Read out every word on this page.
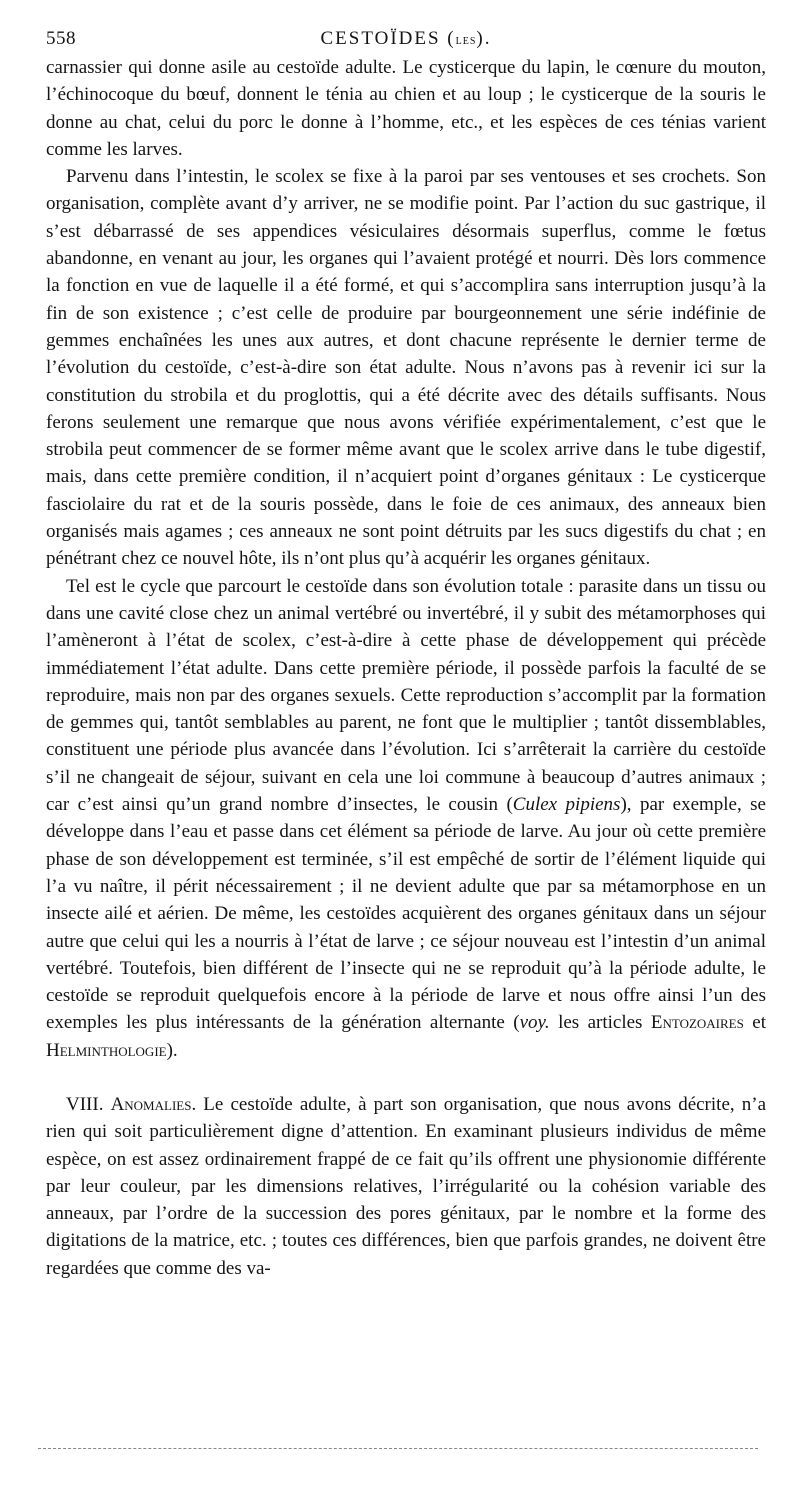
558	CESTOÏDES (les).

carnassier qui donne asile au cestoïde adulte. Le cysticerque du lapin, le cœnure du mouton, l’échinocoque du bœuf, donnent le ténia au chien et au loup ; le cysticerque de la souris le donne au chat, celui du porc le donne à l’homme, etc., et les espèces de ces ténias varient comme les larves.

Parvenu dans l’intestin, le scolex se fixe à la paroi par ses ventouses et ses crochets. Son organisation, complète avant d’y arriver, ne se modifie point. Par l’action du suc gastrique, il s’est débarrassé de ses appendices vésiculaires désormais superflus, comme le fœtus abandonne, en venant au jour, les organes qui l’avaient protégé et nourri. Dès lors commence la fonction en vue de laquelle il a été formé, et qui s’accomplira sans interruption jusqu’à la fin de son existence ; c’est celle de produire par bourgeonnement une série indéfinie de gemmes enchaînées les unes aux autres, et dont chacune représente le dernier terme de l’évolution du cestoïde, c’est-à-dire son état adulte. Nous n’avons pas à revenir ici sur la constitution du strobila et du proglottis, qui a été décrite avec des détails suffisants. Nous ferons seulement une remarque que nous avons vérifiée expérimentalement, c’est que le strobila peut commencer de se former même avant que le scolex arrive dans le tube digestif, mais, dans cette première condition, il n’acquiert point d’organes génitaux : Le cysticerque fasciolaire du rat et de la souris possède, dans le foie de ces animaux, des anneaux bien organisés mais agames ; ces anneaux ne sont point détruits par les sucs digestifs du chat ; en pénétrant chez ce nouvel hôte, ils n’ont plus qu’à acquérir les organes génitaux.

Tel est le cycle que parcourt le cestoïde dans son évolution totale : parasite dans un tissu ou dans une cavité close chez un animal vertébré ou invertébré, il y subit des métamorphoses qui l’amèneront à l’état de scolex, c’est-à-dire à cette phase de développement qui précède immédiatement l’état adulte. Dans cette première période, il possède parfois la faculté de se reproduire, mais non par des organes sexuels. Cette reproduction s’accomplit par la formation de gemmes qui, tantôt semblables au parent, ne font que le multiplier ; tantôt dissemblables, constituent une période plus avancée dans l’évolution. Ici s’arrêterait la carrière du cestoïde s’il ne changeait de séjour, suivant en cela une loi commune à beaucoup d’autres animaux ; car c’est ainsi qu’un grand nombre d’insectes, le cousin (Culex pipiens), par exemple, se développe dans l’eau et passe dans cet élément sa période de larve. Au jour où cette première phase de son développement est terminée, s’il est empêché de sortir de l’élément liquide qui l’a vu naître, il périt nécessairement ; il ne devient adulte que par sa métamorphose en un insecte ailé et aérien. De même, les cestoïdes acquièrent des organes génitaux dans un séjour autre que celui qui les a nourris à l’état de larve ; ce séjour nouveau est l’intestin d’un animal vertébré. Toutefois, bien différent de l’insecte qui ne se reproduit qu’à la période adulte, le cestoïde se reproduit quelquefois encore à la période de larve et nous offre ainsi l’un des exemples les plus intéressants de la génération alternante (voy. les articles Entozoaires et Helminthologie).

VIII. Anomalies. Le cestoïde adulte, à part son organisation, que nous avons décrite, n’a rien qui soit particulièrement digne d’attention. En examinant plusieurs individus de même espèce, on est assez ordinairement frappé de ce fait qu’ils offrent une physionomie différente par leur couleur, par les dimensions relatives, l’irrégularité ou la cohésion variable des anneaux, par l’ordre de la succession des pores génitaux, par le nombre et la forme des digitations de la matrice, etc. ; toutes ces différences, bien que parfois grandes, ne doivent être regardées que comme des va-
